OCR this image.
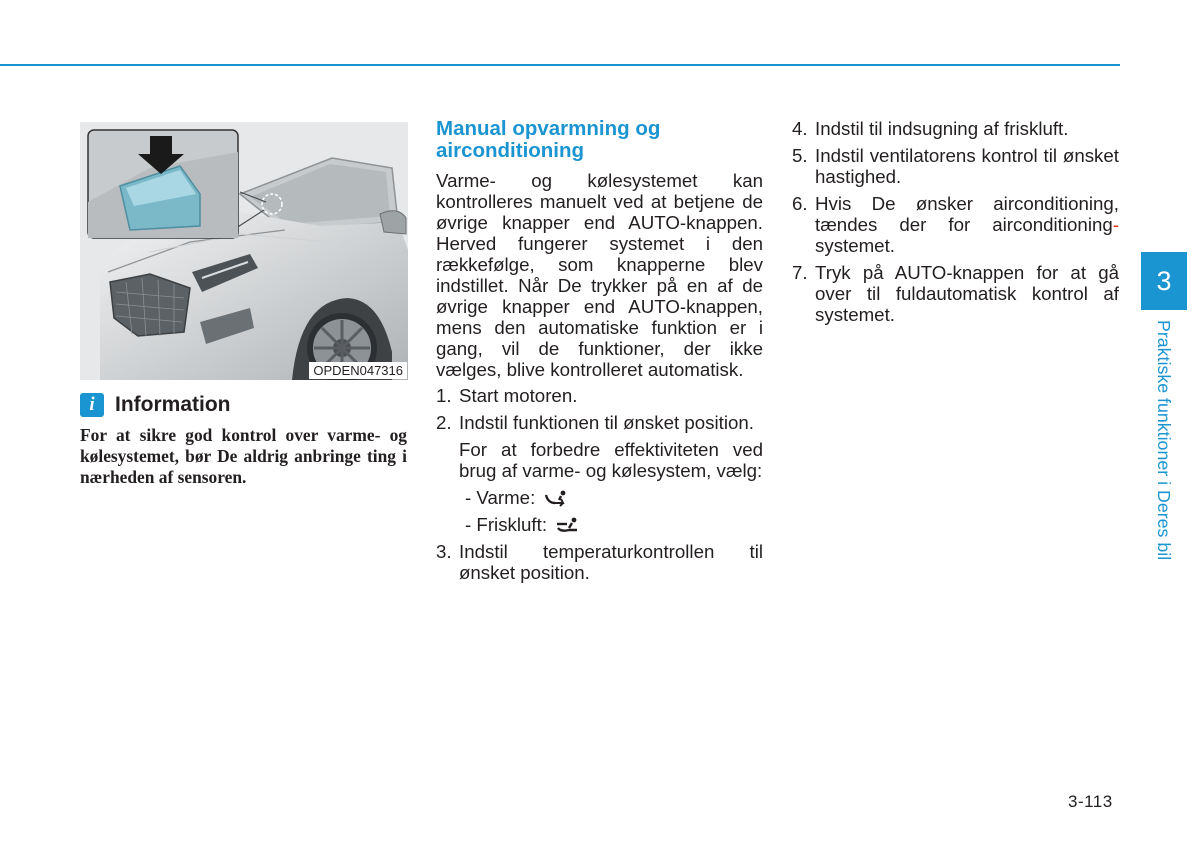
OPDEN047316
i Information

For at sikre god kontrol over varme- og kølesystemet, bør De aldrig anbringe ting i nærheden af sensoren.

Manual opvarmning og airconditioning

Varme- og kølesystemet kan kontrolleres manuelt ved at betjene de øvrige knapper end AUTO-knappen. Herved fungerer systemet i den rækkefølge, som knapperne blev indstillet. Når De trykker på en af de øvrige knapper end AUTO-knappen, mens den automatiske funktion er i gang, vil de funktioner, der ikke vælges, blive kontrolleret automatisk.

1. Start motoren.
2. Indstil funktionen til ønsket position.

For at forbedre effektiviteten ved brug af varme- og kølesystem, vælg:

- Varme:
- Friskluft:
3. Indstil temperaturkontrollen til ønsket position.
4. Indstil til indsugning af friskluft.
5. Indstil ventilatorens kontrol til ønsket hastighed.
6. Hvis De ønsker airconditioning, tændes der for airconditioning- systemet.
7. Tryk på AUTO-knappen for at gå over til fuldautomatisk kontrol af systemet.
3
Praktiske funktioner i Deres bil
3-113
